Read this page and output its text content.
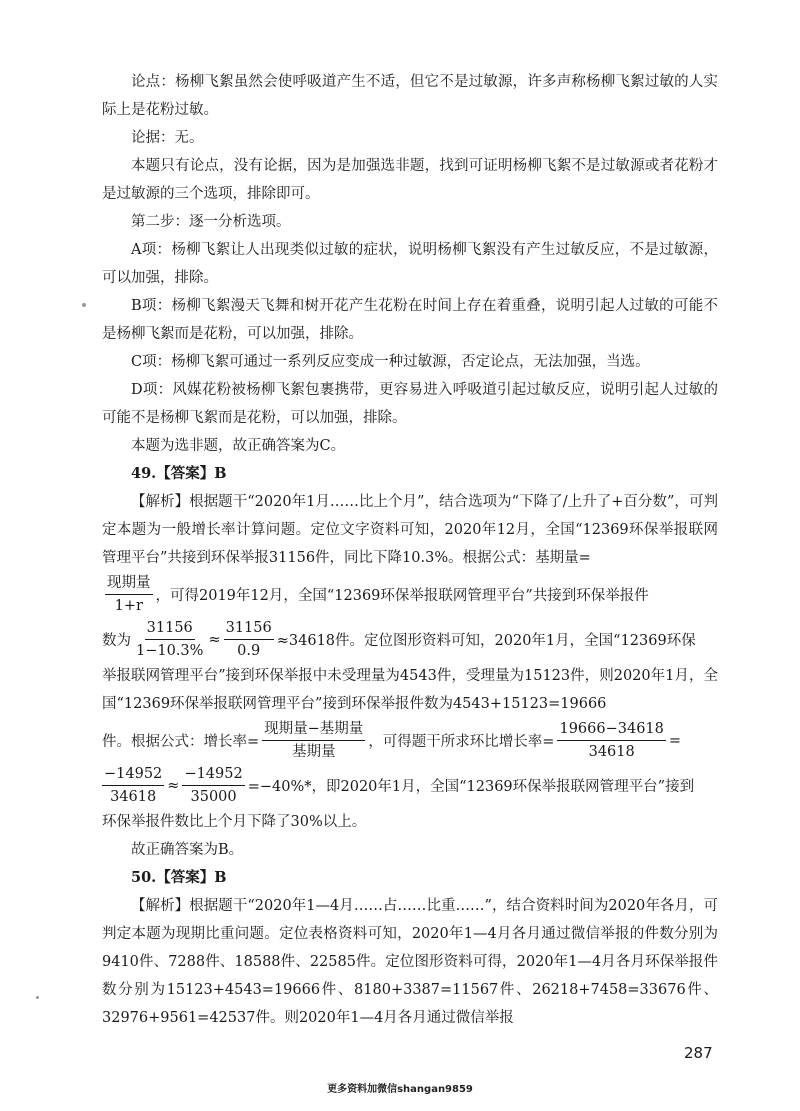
论点：杨柳飞絮虽然会使呼吸道产生不适，但它不是过敏源，许多声称杨柳飞絮过敏的人实际上是花粉过敏。

论据：无。

本题只有论点，没有论据，因为是加强选非题，找到可证明杨柳飞絮不是过敏源或者花粉才是过敏源的三个选项，排除即可。

第二步：逐一分析选项。

A项：杨柳飞絮让人出现类似过敏的症状，说明杨柳飞絮没有产生过敏反应，不是过敏源，可以加强，排除。

B项：杨柳飞絮漫天飞舞和树开花产生花粉在时间上存在着重叠，说明引起人过敏的可能不是杨柳飞絮而是花粉，可以加强，排除。

C项：杨柳飞絮可通过一系列反应变成一种过敏源，否定论点，无法加强，当选。

D项：风媒花粉被杨柳飞絮包裹携带，更容易进入呼吸道引起过敏反应，说明引起人过敏的可能不是杨柳飞絮而是花粉，可以加强，排除。

本题为选非题，故正确答案为C。

49.【答案】B

【解析】根据题干“2020年1月……比上个月”，结合选项为“下降了/上升了+百分数”，可判定本题为一般增长率计算问题。定位文字资料可知，2020年12月，全国“12369环保举报联网管理平台”共接到环保举报31156件，同比下降10.3%。根据公式：基期量=

$\frac{\text{现期量}}{1+r}$ ，可得2019年12月，全国“12369环保举报联网管理平台”共接到环保举报件
数为 $\frac{31156}{1-10.3\%} \approx \frac{31156}{0.9} \approx 34618$件。定位图形资料可知，2020年1月，全国“12369环保

举报联网管理平台”接到环保举报中未受理量为4543件，受理量为15123件，则2020年1月，全国“12369环保举报联网管理平台”接到环保举报件数为4543+15123=19666

件。根据公式：增长率= $\frac{\text{现期量−基期量}}{\text{基期量}}$ ，可得题干所求环比增长率= $\frac{19666-34618}{34618}$ =
$\frac{-14952}{34618} \approx \frac{-14952}{35000} =-40\%*$，即2020年1月，全国“12369环保举报联网管理平台”接到

环保举报件数比上个月下降了30%以上。

故正确答案为B。

50.【答案】B

【解析】根据题干“2020年1—4月……占……比重……”，结合资料时间为2020年各月，可判定本题为现期比重问题。定位表格资料可知，2020年1—4月各月通过微信举报的件数分别为9410件、7288件、18588件、22585件。定位图形资料可得，2020年1—4月各月环保举报件数分别为15123+4543=19666件、8180+3387=11567件、26218+7458=33676件、32976+9561=42537件。则2020年1—4月各月通过微信举报

287
更多资料加微信shangan9859
